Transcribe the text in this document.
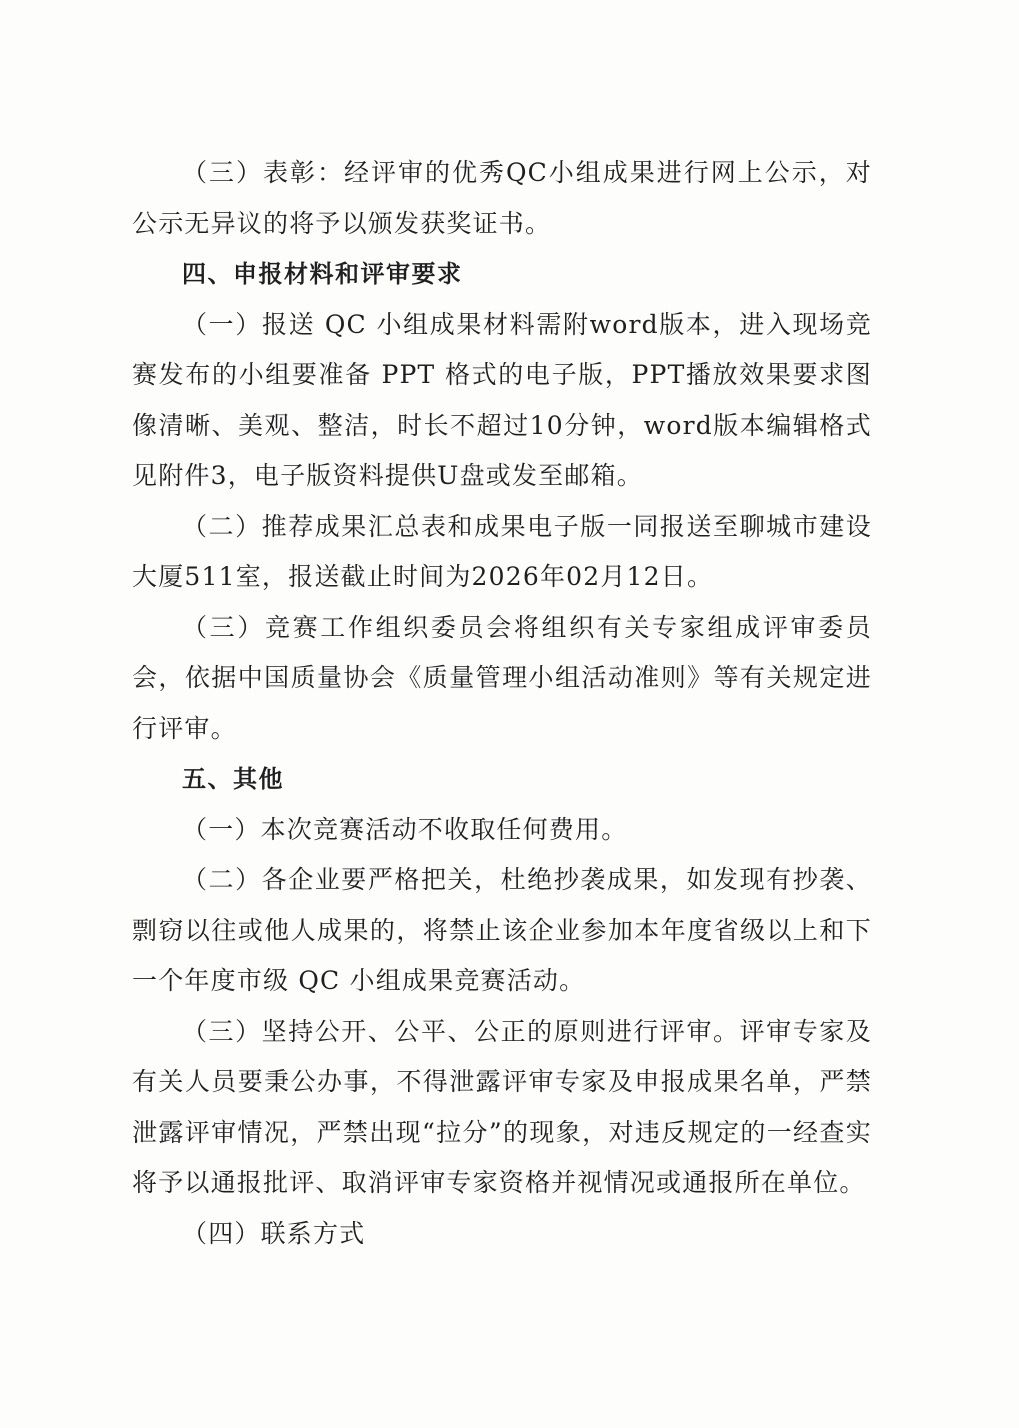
（三）表彰：经评审的优秀QC小组成果进行网上公示，对公示无异议的将予以颁发获奖证书。

四、申报材料和评审要求

（一）报送 QC 小组成果材料需附word版本，进入现场竞赛发布的小组要准备 PPT 格式的电子版，PPT播放效果要求图像清晰、美观、整洁，时长不超过10分钟，word版本编辑格式见附件3，电子版资料提供U盘或发至邮箱。

（二）推荐成果汇总表和成果电子版一同报送至聊城市建设大厦511室，报送截止时间为2026年02月12日。

（三）竞赛工作组织委员会将组织有关专家组成评审委员会，依据中国质量协会《质量管理小组活动准则》等有关规定进行评审。

五、其他

（一）本次竞赛活动不收取任何费用。

（二）各企业要严格把关，杜绝抄袭成果，如发现有抄袭、剽窃以往或他人成果的，将禁止该企业参加本年度省级以上和下一个年度市级 QC 小组成果竞赛活动。

（三）坚持公开、公平、公正的原则进行评审。评审专家及有关人员要秉公办事，不得泄露评审专家及申报成果名单，严禁泄露评审情况，严禁出现“拉分”的现象，对违反规定的一经查实将予以通报批评、取消评审专家资格并视情况或通报所在单位。

（四）联系方式
